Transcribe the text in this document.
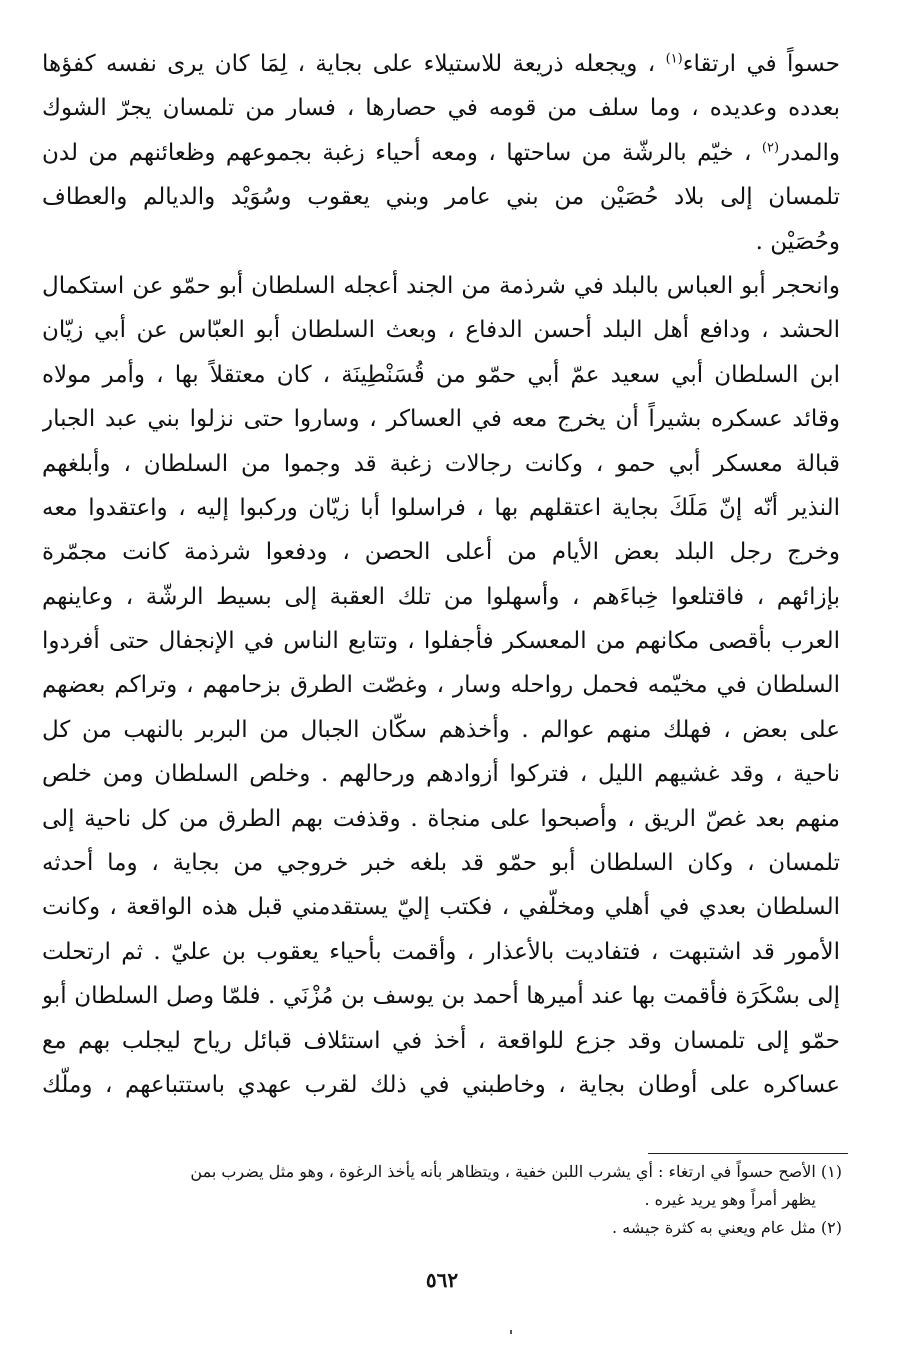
حسواً في ارتقاء$^{(١)}$ ، ويجعله ذريعة للاستيلاء على بجاية ، لِمَا كان يرى نفسه كفؤها
بعدده وعديده ، وما سلف من قومه في حصارها ، فسار من تلمسان يجرّ الشوك
والمدر$^{(٢)}$ ، خيّم بالرشّة من ساحتها ، ومعه أحياء زغبة بجموعهم وظعائنهم من لدن
تلمسان إلى بلاد حُصَيْن من بني عامر وبني يعقوب وسُوَيْد والديالم والعطاف
وحُصَيْن .
وانحجر أبو العباس بالبلد في شرذمة من الجند أعجله السلطان أبو حمّو عن استكمال
الحشد ، ودافع أهل البلد أحسن الدفاع ، وبعث السلطان أبو العبّاس عن أبي زيّان
ابن السلطان أبي سعيد عمّ أبي حمّو من قُسَنْطِينَة ، كان معتقلاً بها ، وأمر مولاه
وقائد عسكره بشيراً أن يخرج معه في العساكر ، وساروا حتى نزلوا بني عبد الجبار
قبالة معسكر أبي حمو ، وكانت رجالات زغبة قد وجموا من السلطان ، وأبلغهم
النذير أنّه إنّ مَلَكَ بجاية اعتقلهم بها ، فراسلوا أبا زيّان وركبوا إليه ، واعتقدوا معه
وخرج رجل البلد بعض الأيام من أعلى الحصن ، ودفعوا شرذمة كانت مجمّرة
بإزائهم ، فاقتلعوا خِباءَهم ، وأسهلوا من تلك العقبة إلى بسيط الرشّة ، وعاينهم
العرب بأقصى مكانهم من المعسكر فأجفلوا ، وتتابع الناس في الإنجفال حتى أفردوا
السلطان في مخيّمه فحمل رواحله وسار ، وغصّت الطرق بزحامهم ، وتراكم بعضهم
على بعض ، فهلك منهم عوالم . وأخذهم سكّان الجبال من البربر بالنهب من كل
ناحية ، وقد غشيهم الليل ، فتركوا أزوادهم ورحالهم . وخلص السلطان ومن خلص
منهم بعد غصّ الريق ، وأصبحوا على منجاة . وقذفت بهم الطرق من كل ناحية إلى
تلمسان ، وكان السلطان أبو حمّو قد بلغه خبر خروجي من بجاية ، وما أحدثه
السلطان بعدي في أهلي ومخلّفي ، فكتب إليّ يستقدمني قبل هذه الواقعة ، وكانت
الأمور قد اشتبهت ، فتفاديت بالأعذار ، وأقمت بأحياء يعقوب بن عليّ . ثم ارتحلت
إلى بسْكَرَة فأقمت بها عند أميرها أحمد بن يوسف بن مُزْنَي . فلمّا وصل السلطان أبو
حمّو إلى تلمسان وقد جزع للواقعة ، أخذ في استئلاف قبائل رياح ليجلب بهم مع
عساكره على أوطان بجاية ، وخاطبني في ذلك لقرب عهدي باستتباعهم ، وملّك
(١) الأصح حسواً في ارتغاء : أي يشرب اللبن خفية ، ويتظاهر بأنه يأخذ الرغوة ، وهو مثل يضرب بمن
يظهر أمراً وهو يريد غيره .
(٢) مثل عام ويعني به كثرة جيشه .
٥٦٢
